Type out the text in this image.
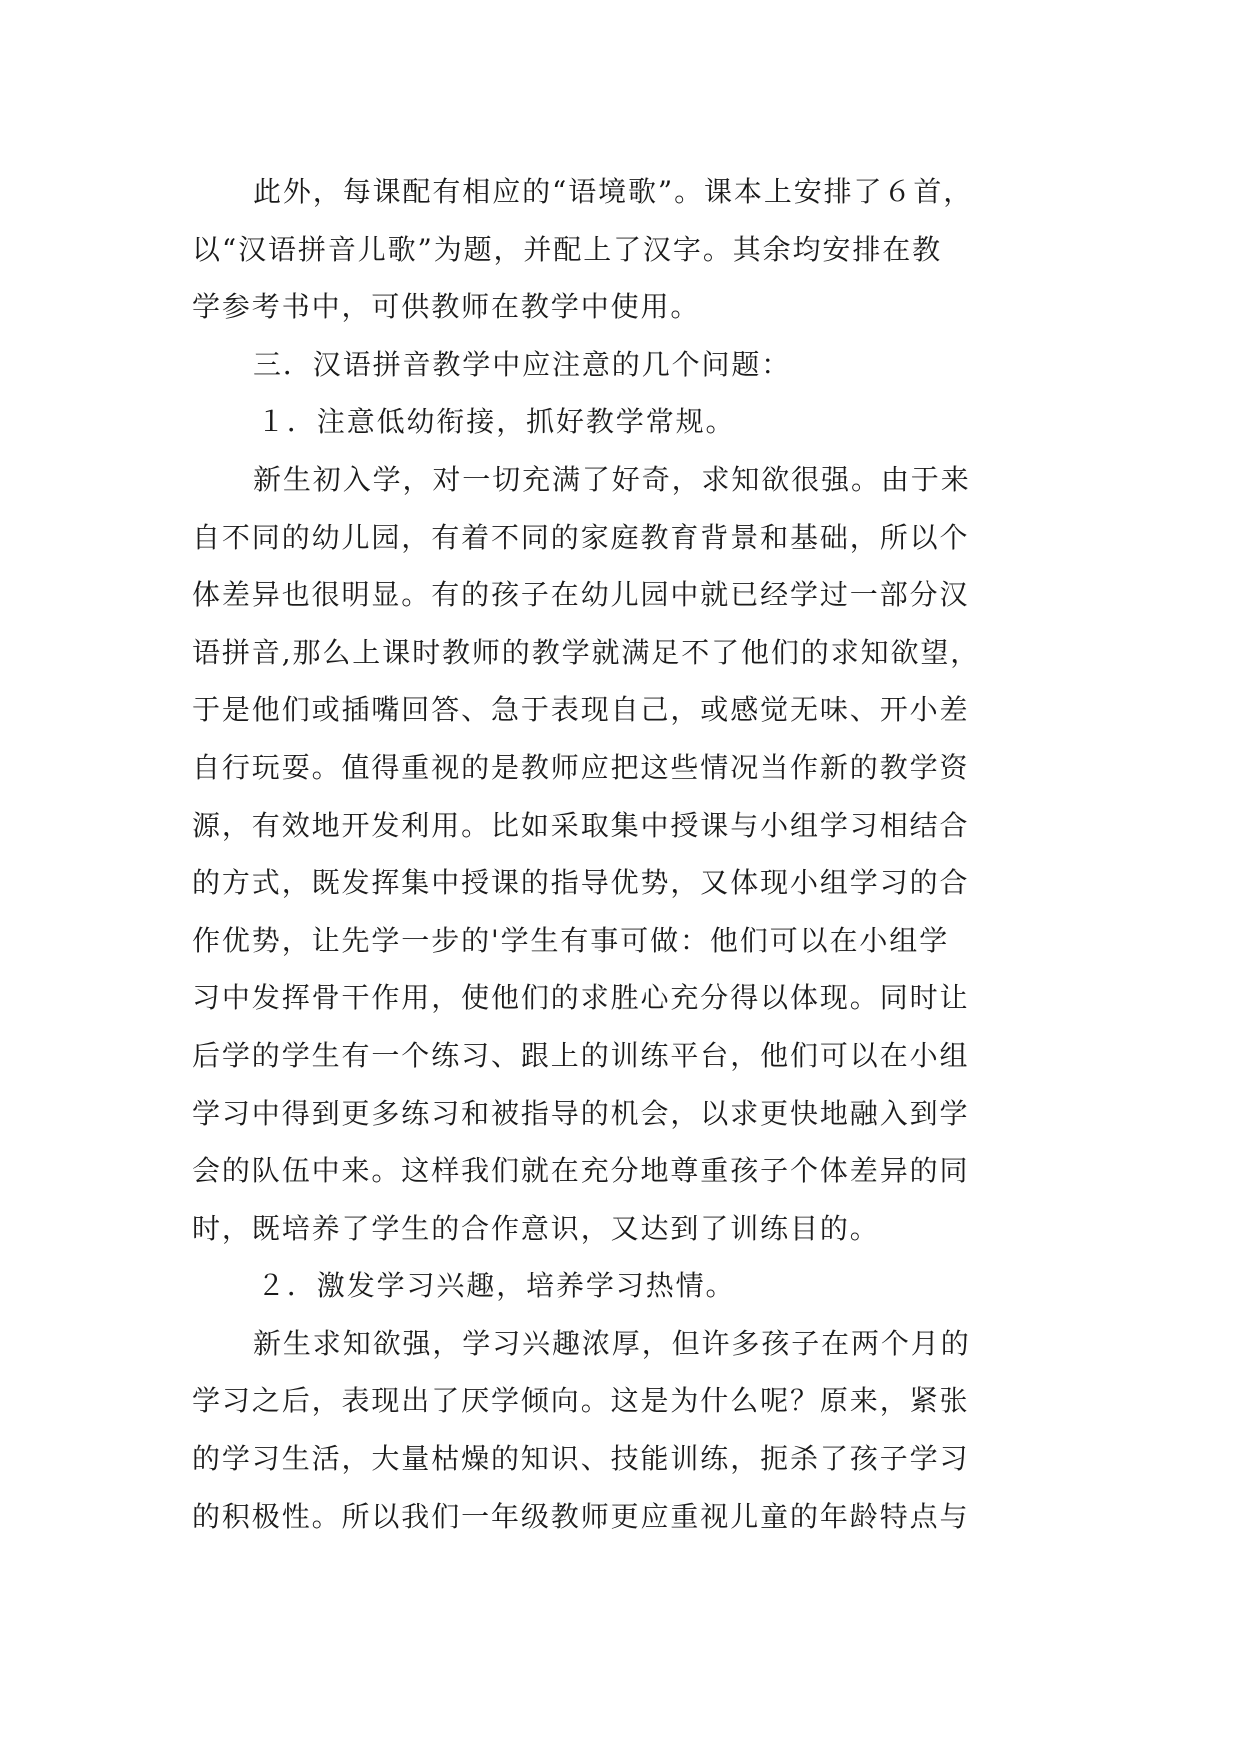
此外，每课配有相应的“语境歌”。课本上安排了６首，
以“汉语拼音儿歌”为题，并配上了汉字。其余均安排在教
学参考书中，可供教师在教学中使用。
三．汉语拼音教学中应注意的几个问题：
１．注意低幼衔接，抓好教学常规。
新生初入学，对一切充满了好奇，求知欲很强。由于来
自不同的幼儿园，有着不同的家庭教育背景和基础，所以个
体差异也很明显。有的孩子在幼儿园中就已经学过一部分汉
语拼音,那么上课时教师的教学就满足不了他们的求知欲望，
于是他们或插嘴回答、急于表现自己，或感觉无味、开小差
自行玩耍。值得重视的是教师应把这些情况当作新的教学资
源，有效地开发利用。比如采取集中授课与小组学习相结合
的方式，既发挥集中授课的指导优势，又体现小组学习的合
作优势，让先学一步的'学生有事可做：他们可以在小组学
习中发挥骨干作用，使他们的求胜心充分得以体现。同时让
后学的学生有一个练习、跟上的训练平台，他们可以在小组
学习中得到更多练习和被指导的机会，以求更快地融入到学
会的队伍中来。这样我们就在充分地尊重孩子个体差异的同
时，既培养了学生的合作意识，又达到了训练目的。
２．激发学习兴趣，培养学习热情。
新生求知欲强，学习兴趣浓厚，但许多孩子在两个月的
学习之后，表现出了厌学倾向。这是为什么呢？原来，紧张
的学习生活，大量枯燥的知识、技能训练，扼杀了孩子学习
的积极性。所以我们一年级教师更应重视儿童的年龄特点与
